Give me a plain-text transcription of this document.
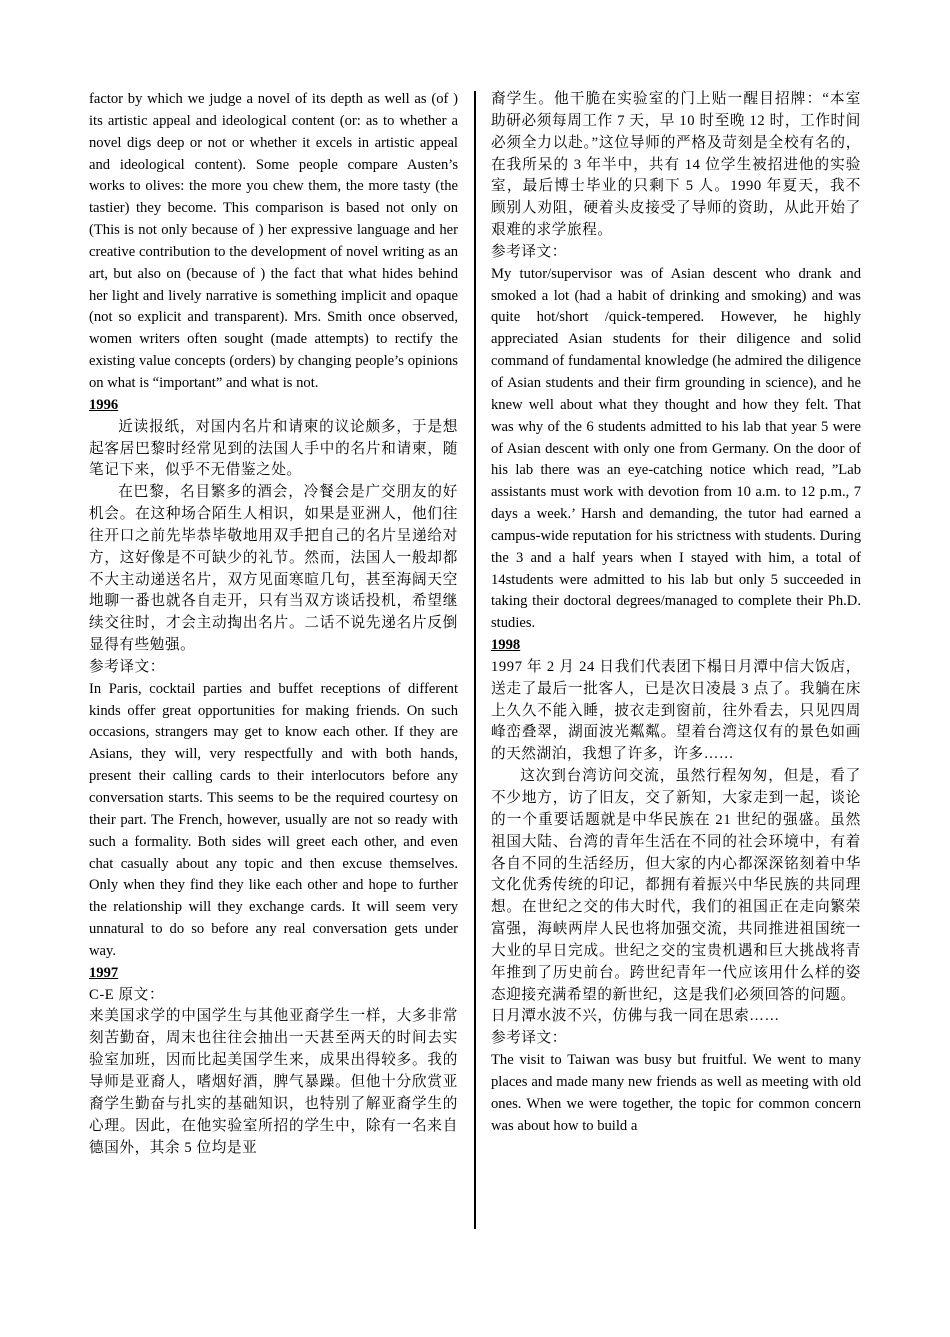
factor by which we judge a novel of its depth as well as (of ) its artistic appeal and ideological content (or: as to whether a novel digs deep or not or whether it excels in artistic appeal and ideological content). Some people compare Austen’s works to olives: the more you chew them, the more tasty (the tastier) they become. This comparison is based not only on (This is not only because of ) her expressive language and her creative contribution to the development of novel writing as an art, but also on (because of ) the fact that what hides behind her light and lively narrative is something implicit and opaque (not so explicit and transparent). Mrs. Smith once observed, women writers often sought (made attempts) to rectify the existing value concepts (orders) by changing people’s opinions on what is “important” and what is not.

1996

近读报纸，对国内名片和请柬的议论颇多，于是想起客居巴黎时经常见到的法国人手中的名片和请柬，随笔记下来，似乎不无借鉴之处。

在巴黎，名目繁多的酒会，冷餐会是广交朋友的好机会。在这种场合陌生人相识，如果是亚洲人，他们往往开口之前先毕恭毕敬地用双手把自己的名片呈递给对方，这好像是不可缺少的礼节。然而，法国人一般却都不大主动递送名片，双方见面寒暄几句，甚至海阔天空地聊一番也就各自走开，只有当双方谈话投机，希望继续交往时，才会主动掏出名片。二话不说先递名片反倒显得有些勉强。

参考译文：

In Paris, cocktail parties and buffet receptions of different kinds offer great opportunities for making friends. On such occasions, strangers may get to know each other. If they are Asians, they will, very respectfully and with both hands, present their calling cards to their interlocutors before any conversation starts. This seems to be the required courtesy on their part. The French, however, usually are not so ready with such a formality. Both sides will greet each other, and even chat casually about any topic and then excuse themselves. Only when they find they like each other and hope to further the relationship will they exchange cards. It will seem very unnatural to do so before any real conversation gets under way.

1997

C-E 原文：

来美国求学的中国学生与其他亚裔学生一样，大多非常刻苦勤奋，周末也往往会抽出一天甚至两天的时间去实验室加班，因而比起美国学生来，成果出得较多。我的导师是亚裔人，嗜烟好酒，脾气暴躁。但他十分欣赏亚裔学生勤奋与扎实的基础知识，也特别了解亚裔学生的心理。因此，在他实验室所招的学生中，除有一名来自德国外，其余 5 位均是亚

裔学生。他干脆在实验室的门上贴一醒目招牌：“本室助研必须每周工作 7 天，早 10 时至晚 12 时，工作时间必须全力以赴。”这位导师的严格及苛刻是全校有名的，在我所呆的 3 年半中，共有 14 位学生被招进他的实验室，最后博士毕业的只剩下 5 人。1990 年夏天，我不顾别人劝阻，硬着头皮接受了导师的资助，从此开始了艰难的求学旅程。

参考译文：

My tutor/supervisor was of Asian descent who drank and smoked a lot (had a habit of drinking and smoking) and was quite hot/short /quick-tempered. However, he highly appreciated Asian students for their diligence and solid command of fundamental knowledge (he admired the diligence of Asian students and their firm grounding in science), and he knew well about what they thought and how they felt. That was why of the 6 students admitted to his lab that year 5 were of Asian descent with only one from Germany. On the door of his lab there was an eye-catching notice which read, ”Lab assistants must work with devotion from 10 a.m. to 12 p.m., 7 days a week.’ Harsh and demanding, the tutor had earned a campus-wide reputation for his strictness with students. During the 3 and a half years when I stayed with him, a total of 14students were admitted to his lab but only 5 succeeded in taking their doctoral degrees/managed to complete their Ph.D. studies.

1998

1997 年 2 月 24 日我们代表团下榻日月潭中信大饭店，送走了最后一批客人，已是次日凌晨 3 点了。我躺在床上久久不能入睡，披衣走到窗前，往外看去，只见四周峰峦叠翠，湖面波光粼粼。望着台湾这仅有的景色如画的天然湖泊，我想了许多，许多……

这次到台湾访问交流，虽然行程匆匆，但是，看了不少地方，访了旧友，交了新知，大家走到一起，谈论的一个重要话题就是中华民族在 21 世纪的强盛。虽然祖国大陆、台湾的青年生活在不同的社会环境中，有着各自不同的生活经历，但大家的内心都深深铭刻着中华文化优秀传统的印记，都拥有着振兴中华民族的共同理想。在世纪之交的伟大时代，我们的祖国正在走向繁荣富强，海峡两岸人民也将加强交流，共同推进祖国统一大业的早日完成。世纪之交的宝贵机遇和巨大挑战将青年推到了历史前台。跨世纪青年一代应该用什么样的姿态迎接充满希望的新世纪，这是我们必须回答的问题。

日月潭水波不兴，仿佛与我一同在思索……

参考译文：

The visit to Taiwan was busy but fruitful. We went to many places and made many new friends as well as meeting with old ones. When we were together, the topic for common concern was about how to build a
